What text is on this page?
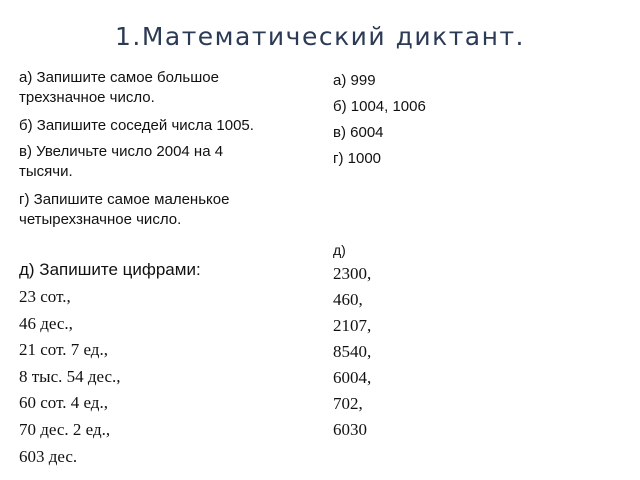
1.Математический диктант.
а) Запишите самое большое
трехзначное число.
б) Запишите соседей числа 1005.
в) Увеличьте число 2004 на 4
тысячи.
г) Запишите самое маленькое
четырехзначное число.
д) Запишите цифрами:
23 сот.,
46 дес.,
21 сот. 7 ед.,
8 тыс. 54 дес.,
60 сот. 4 ед.,
70 дес. 2 ед.,
603 дес.
а) 999
б) 1004, 1006
в) 6004
г) 1000
д)
2300,
460,
2107,
8540,
6004,
702,
6030
